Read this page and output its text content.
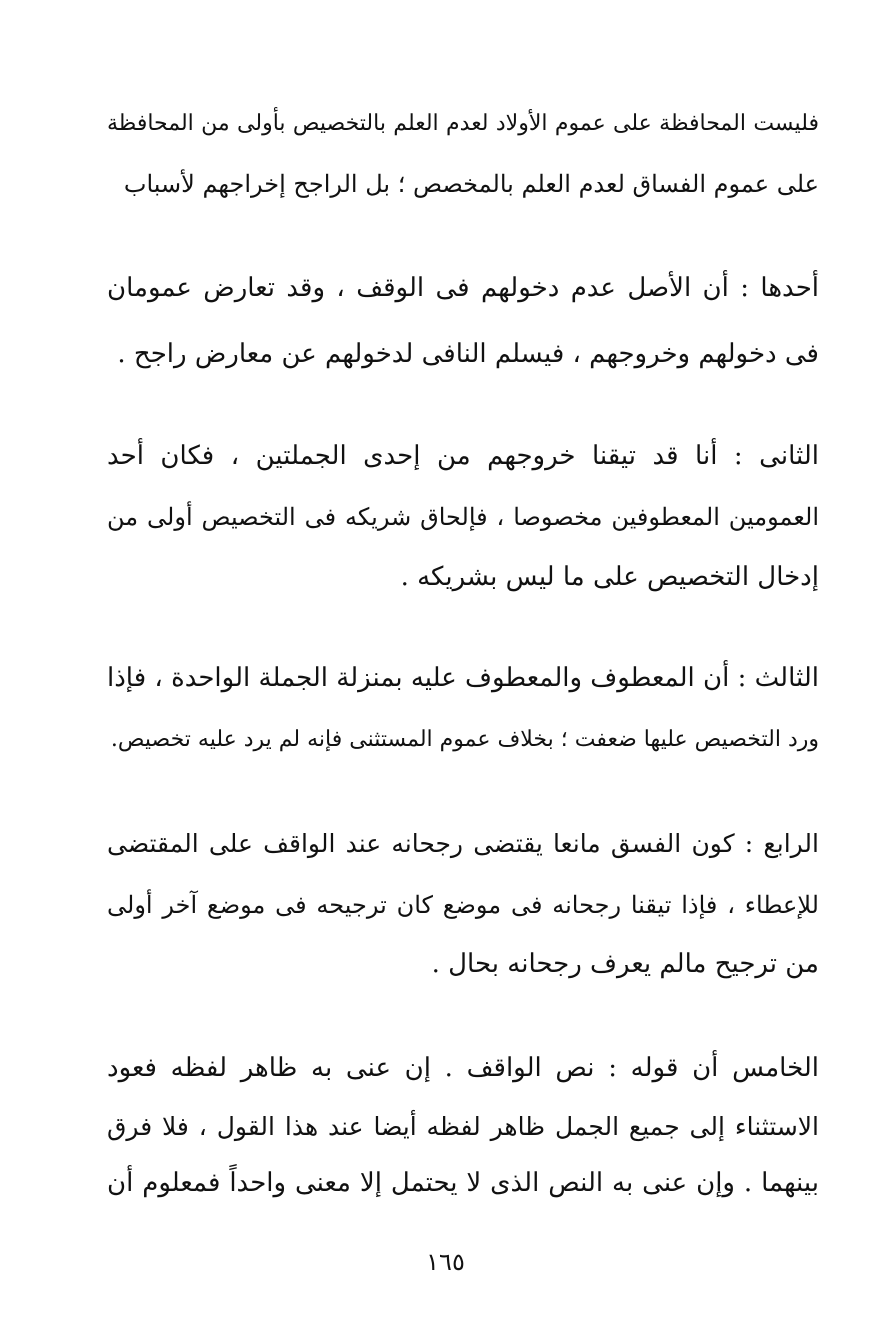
فليست المحافظة على عموم الأولاد لعدم العلم بالتخصيص بأولى من المحافظة
على عموم الفساق لعدم العلم بالمخصص ؛ بل الراجح إخراجهم لأسباب
أحدها : أن الأصل عدم دخولهم فى الوقف ، وقد تعارض عمومان
فى دخولهم وخروجهم ، فيسلم النافى لدخولهم عن معارض راجح .
الثانى : أنا قد تيقنا خروجهم من إحدى الجملتين ، فكان أحد
العمومين المعطوفين مخصوصا ، فإلحاق شريكه فى التخصيص أولى من
إدخال التخصيص على ما ليس بشريكه .
الثالث : أن المعطوف والمعطوف عليه بمنزلة الجملة الواحدة ، فإذا
ورد التخصيص عليها ضعفت ؛ بخلاف عموم المستثنى فإنه لم يرد عليه تخصيص.
الرابع : كون الفسق مانعا يقتضى رجحانه عند الواقف على المقتضى
للإعطاء ، فإذا تيقنا رجحانه فى موضع كان ترجيحه فى موضع آخر أولى
من ترجيح مالم يعرف رجحانه بحال .
الخامس أن قوله : نص الواقف . إن عنى به ظاهر لفظه فعود
الاستثناء إلى جميع الجمل ظاهر لفظه أيضا عند هذا القول ، فلا فرق
بينهما . وإن عنى به النص الذى لا يحتمل إلا معنى واحداً فمعلوم أن
١٦٥
